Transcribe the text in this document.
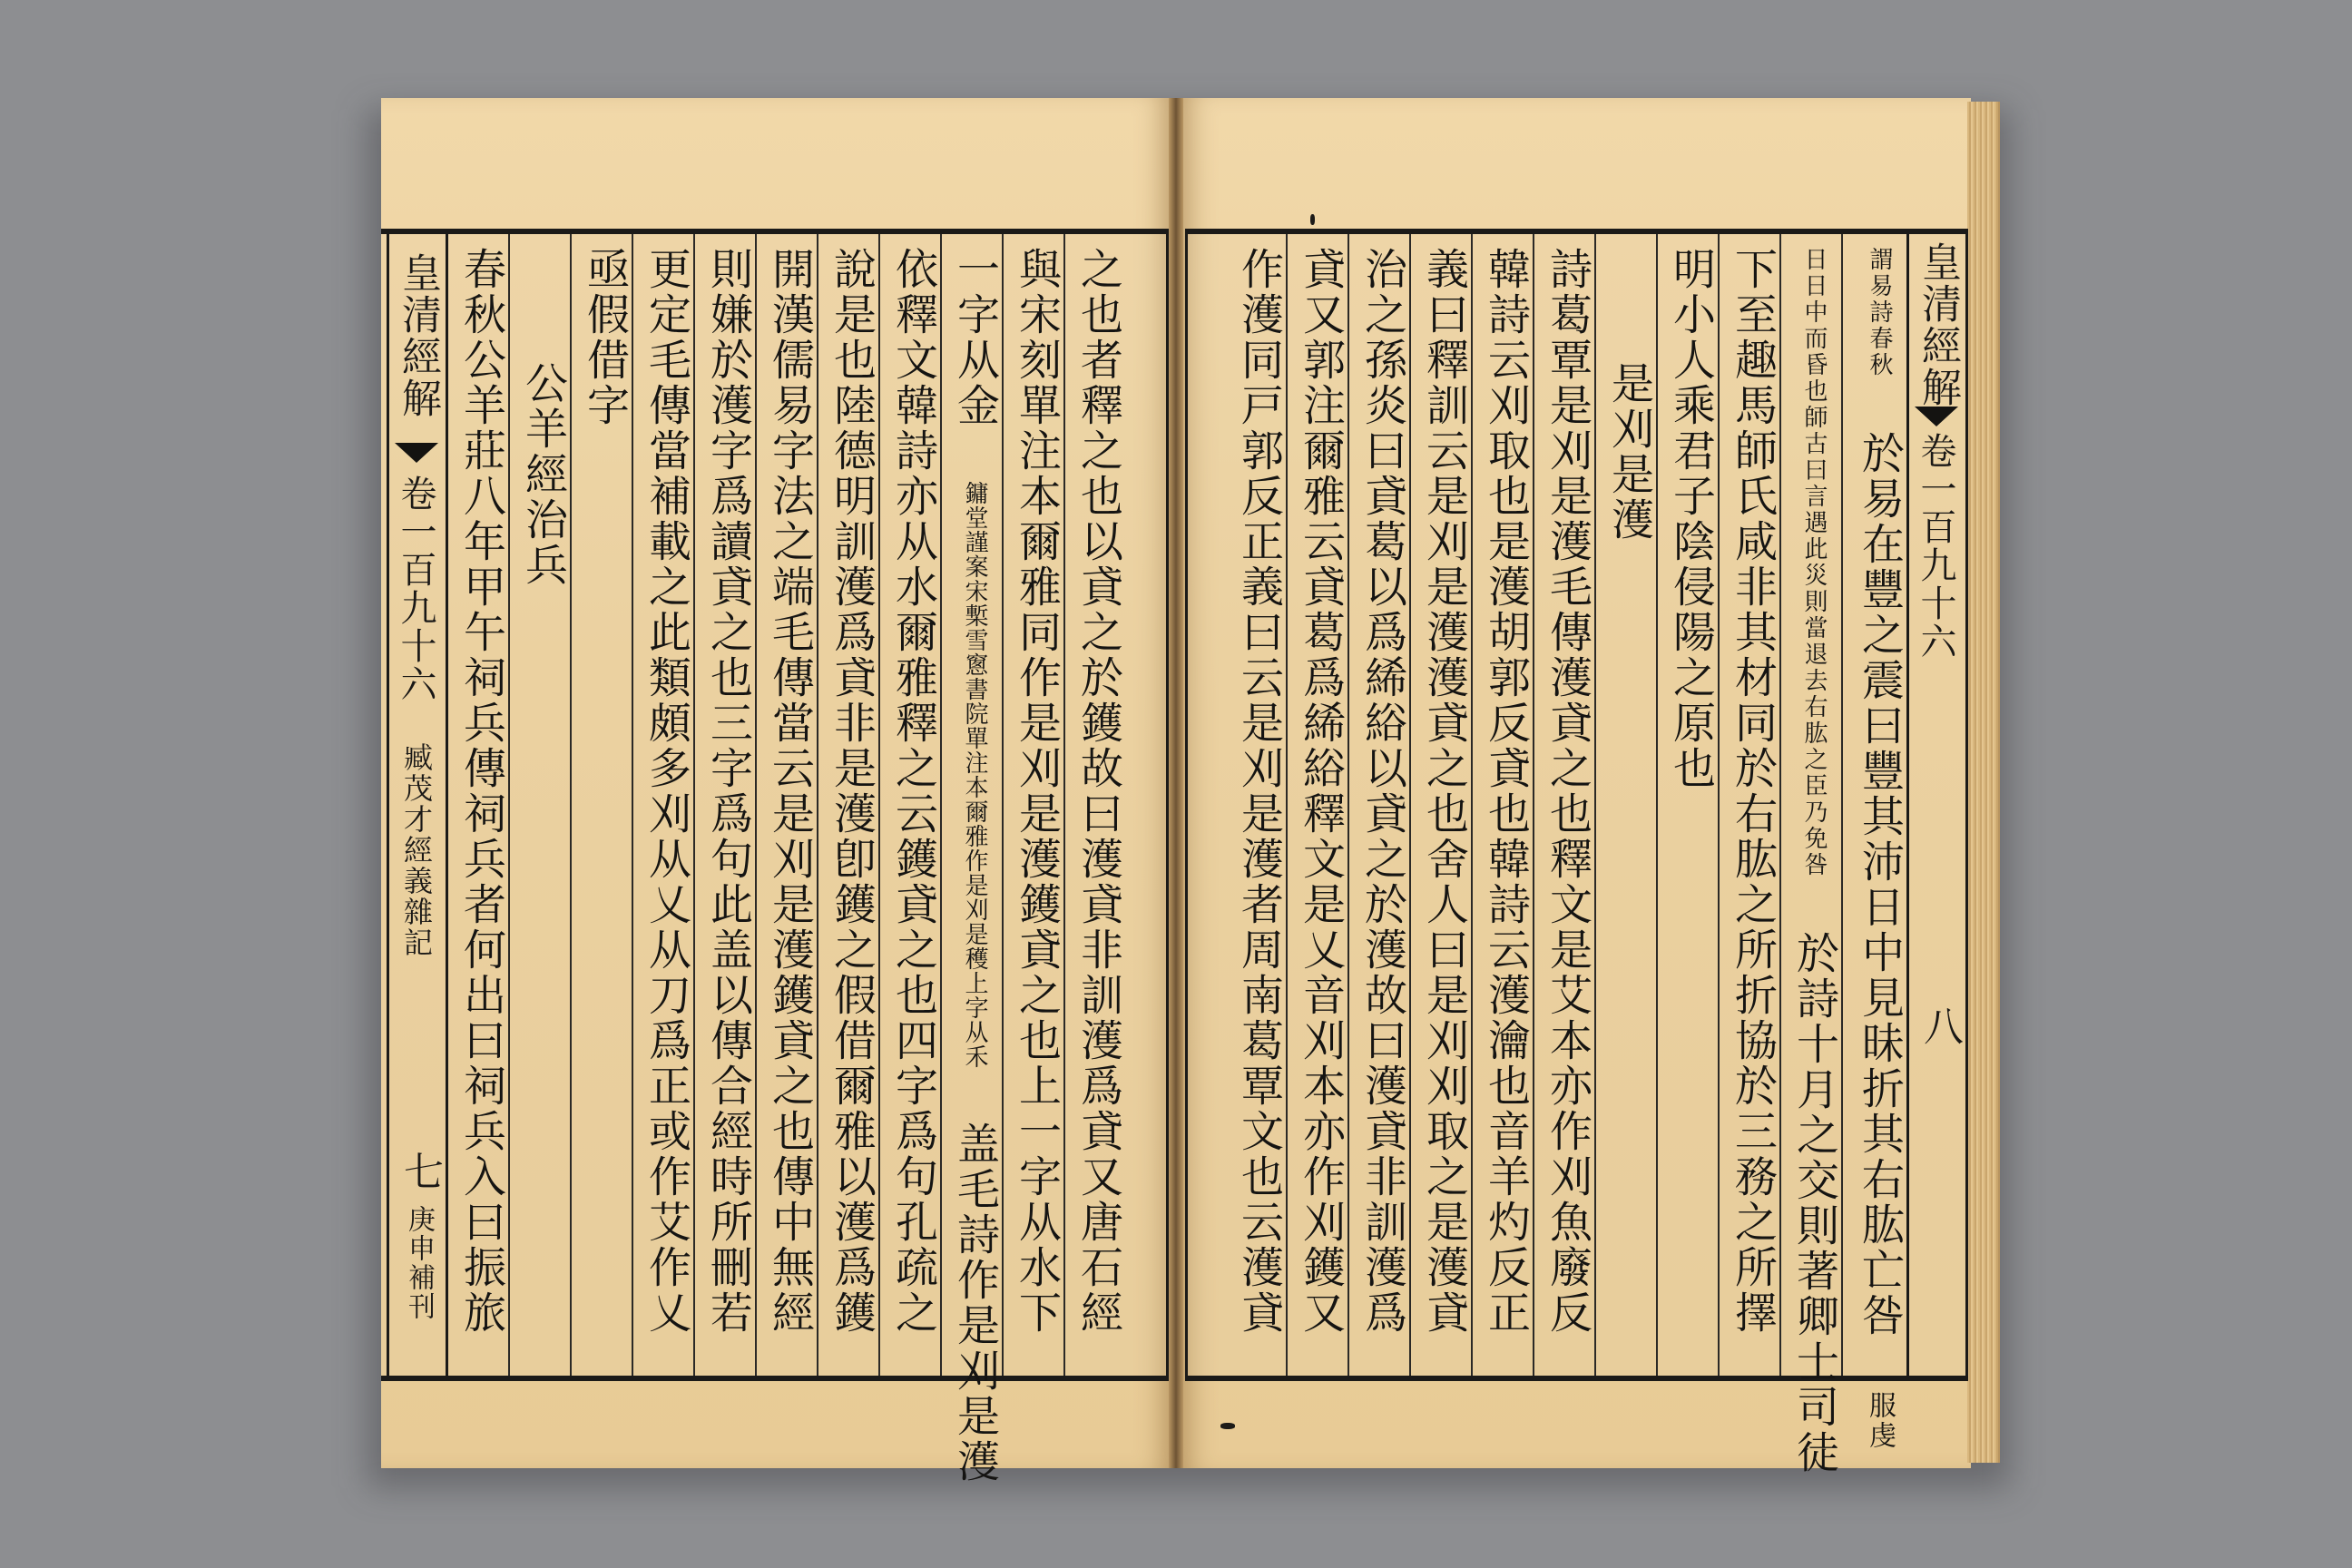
之也者釋之也以貣之於鑊故曰濩貣非訓濩爲貣又唐石經
與宋刻單注本爾雅同作是刈是濩鑊貣之也上一字从水下
一字从金 鏞堂謹案宋槧雪窻書院單注本爾雅作是刈是穫上字从禾 盖毛詩作是刈是濩
依釋文韓詩亦从水爾雅釋之云鑊貣之也四字爲句孔疏之
說是也陸德明訓濩爲貣非是濩卽鑊之假借爾雅以濩爲鑊
開漢儒易字法之端毛傳當云是刈是濩鑊貣之也傳中無經
則嫌於濩字爲讀貣之也三字爲句此盖以傳合經時所刪若
更定毛傳當補載之此類頗多刈从乂从刀爲正或作艾作乂
亟假借字
公羊經治兵
春秋公羊莊八年甲午祠兵傳祠兵者何出曰祠兵入曰振旅
皇清經解
卷一百九十六
臧茂才經義雜記
七
庚申補刊
皇清經解
卷一百九十六
八
謂易詩春秋 於易在豐之震曰豐其沛日中見昧折其右肱亡咎 服虔
日日中而昏也師古曰言遇此災則當退去右肱之臣乃免咎 於詩十月之交則著卿士司徒
下至趣馬師氏咸非其材同於右肱之所折協於三務之所擇
明小人乘君子陰侵陽之原也
是刈是濩
詩葛覃是刈是濩毛傳濩貣之也釋文是艾本亦作刈魚廢反
韓詩云刈取也是濩胡郭反貣也韓詩云濩瀹也音羊灼反正
義曰釋訓云是刈是濩濩貣之也舍人曰是刈刈取之是濩貣
治之孫炎曰貣葛以爲絺綌以貣之於濩故曰濩貣非訓濩爲
貣又郭注爾雅云貣葛爲絺綌釋文是乂音刈本亦作刈鑊又
作濩同戸郭反正義曰云是刈是濩者周南葛覃文也云濩貣
